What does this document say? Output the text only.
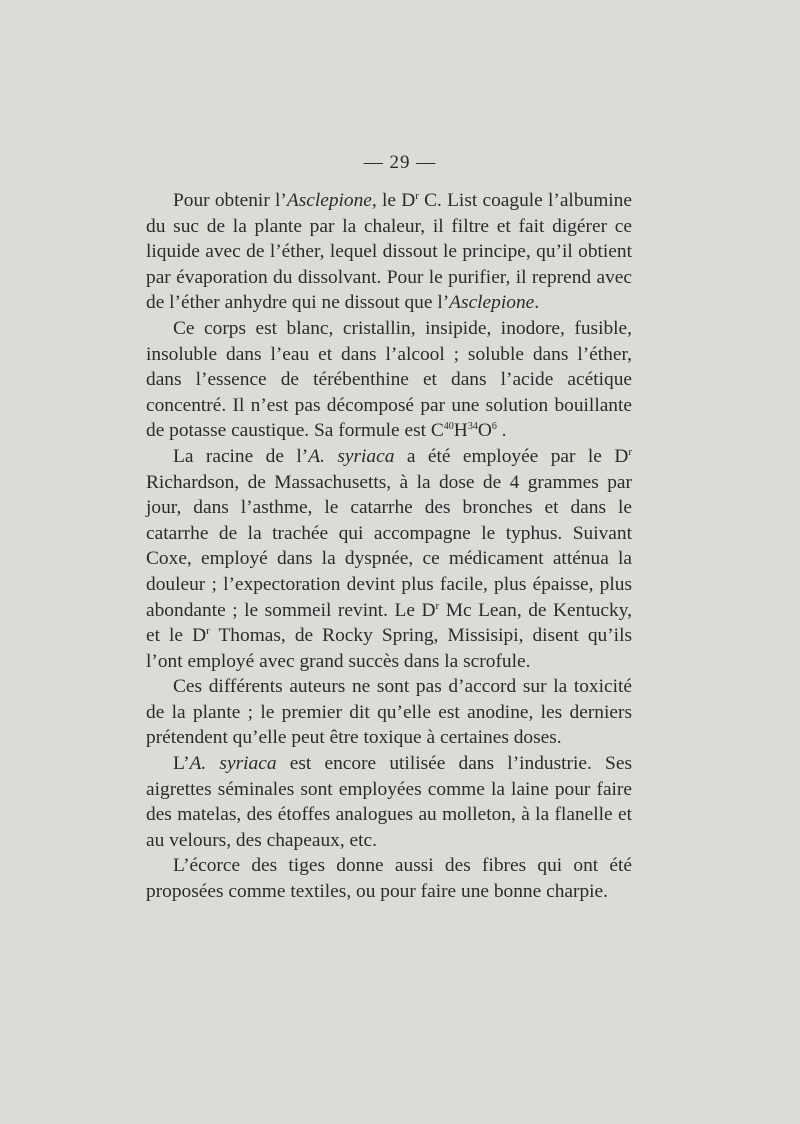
— 29 —

Pour obtenir l’Asclepione, le $D^r$ C. List coagule l’albumine du suc de la plante par la chaleur, il filtre et fait digérer ce liquide avec de l’éther, lequel dissout le principe, qu’il obtient par évaporation du dissolvant. Pour le purifier, il reprend avec de l’éther anhydre qui ne dissout que l’Asclepione.

Ce corps est blanc, cristallin, insipide, inodore, fusible, insoluble dans l’eau et dans l’alcool ; soluble dans l’éther, dans l’essence de térébenthine et dans l’acide acétique concentré. Il n’est pas décomposé par une solution bouillante de potasse caustique. Sa formule est $C^{40}H^{34}O^6$ .

La racine de l’A. syriaca a été employée par le $D^r$ Richardson, de Massachusetts, à la dose de 4 grammes par jour, dans l’asthme, le catarrhe des bronches et dans le catarrhe de la trachée qui accompagne le typhus. Suivant Coxe, employé dans la dyspnée, ce médicament atténua la douleur ; l’expectoration devint plus facile, plus épaisse, plus abondante ; le sommeil revint. Le $D^r$ Mc Lean, de Kentucky, et le $D^r$ Thomas, de Rocky Spring, Missisipi, disent qu’ils l’ont employé avec grand succès dans la scrofule.

Ces différents auteurs ne sont pas d’accord sur la toxicité de la plante ; le premier dit qu’elle est anodine, les derniers prétendent qu’elle peut être toxique à certaines doses.

L’A. syriaca est encore utilisée dans l’industrie. Ses aigrettes séminales sont employées comme la laine pour faire des matelas, des étoffes analogues au molleton, à la flanelle et au velours, des chapeaux, etc.

L’écorce des tiges donne aussi des fibres qui ont été proposées comme textiles, ou pour faire une bonne charpie.
